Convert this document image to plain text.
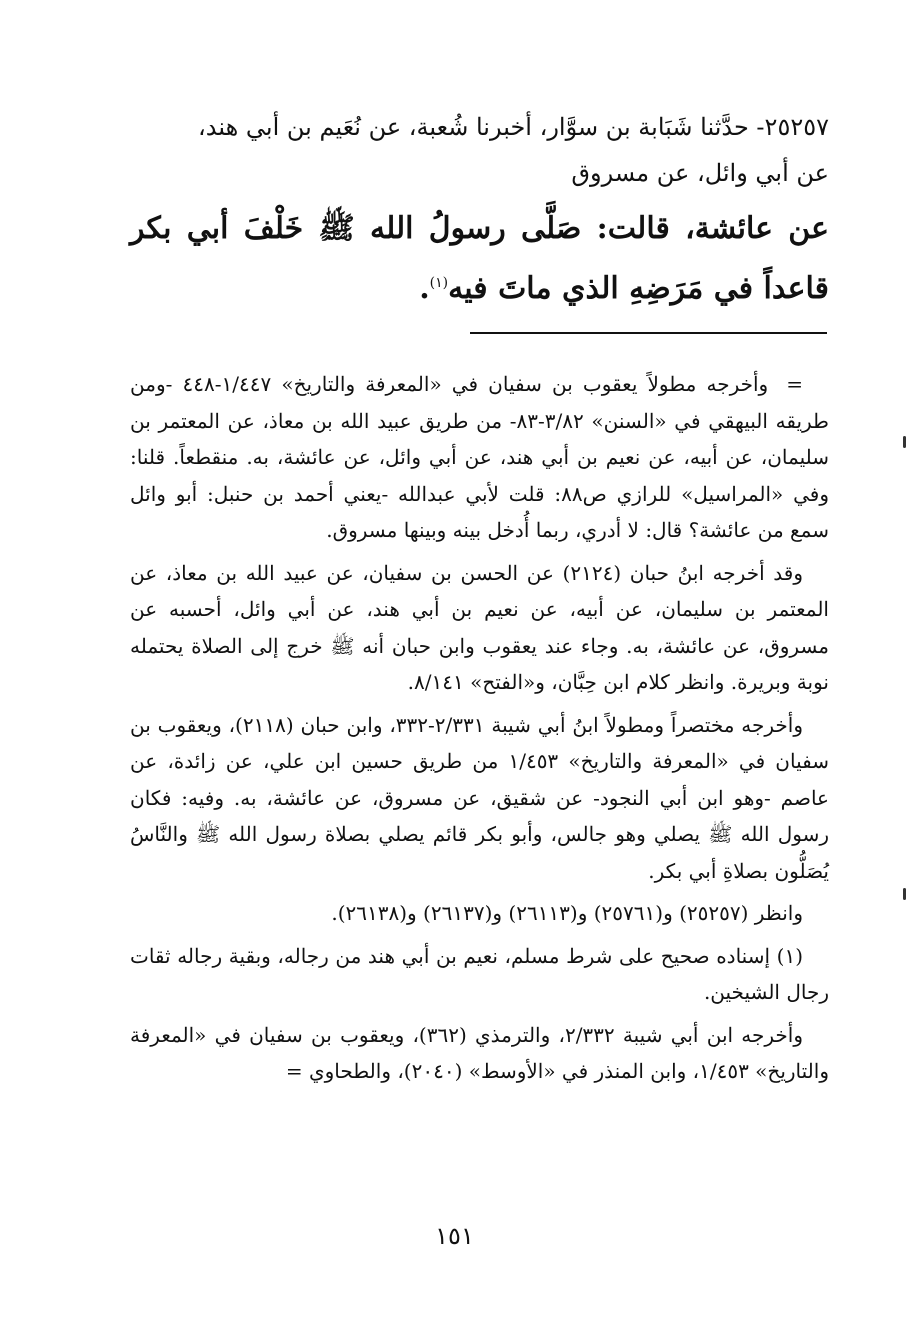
٢٥٢٥٧- حدَّثنا شَبَابة بن سوَّار، أخبرنا شُعبة، عن نُعَيم بن أبي هند،

عن أبي وائل، عن مسروق

عن عائشة، قالت: صَلَّى رسولُ الله ﷺ خَلْفَ أبي بكر قاعداً في مَرَضِهِ الذي ماتَ فيه$^{(١)}$.

=وأخرجه مطولاً يعقوب بن سفيان في «المعرفة والتاريخ» ١/٤٤٧-٤٤٨ -ومن طريقه البيهقي في «السنن» ٣/٨٢-٨٣- من طريق عبيد الله بن معاذ، عن المعتمر بن سليمان، عن أبيه، عن نعيم بن أبي هند، عن أبي وائل، عن عائشة، به. منقطعاً. قلنا: وفي «المراسيل» للرازي ص٨٨: قلت لأبي عبدالله -يعني أحمد بن حنبل: أبو وائل سمع من عائشة؟ قال: لا أدري، ربما أُدخل بينه وبينها مسروق.

وقد أخرجه ابنُ حبان (٢١٢٤) عن الحسن بن سفيان، عن عبيد الله بن معاذ، عن المعتمر بن سليمان، عن أبيه، عن نعيم بن أبي هند، عن أبي وائل، أحسبه عن مسروق، عن عائشة، به. وجاء عند يعقوب وابن حبان أنه ﷺ خرج إلى الصلاة يحتمله نوبة وبريرة. وانظر كلام ابن حِبَّان، و«الفتح» ٨/١٤١.

وأخرجه مختصراً ومطولاً ابنُ أبي شيبة ٢/٣٣١-٣٣٢، وابن حبان (٢١١٨)، ويعقوب بن سفيان في «المعرفة والتاريخ» ١/٤٥٣ من طريق حسين ابن علي، عن زائدة، عن عاصم -وهو ابن أبي النجود- عن شقيق، عن مسروق، عن عائشة، به. وفيه: فكان رسول الله ﷺ يصلي وهو جالس، وأبو بكر قائم يصلي بصلاة رسول الله ﷺ والنَّاسُ يُصَلُّون بصلاةِ أبي بكر.

وانظر (٢٥٢٥٧) و(٢٥٧٦١) و(٢٦١١٣) و(٢٦١٣٧) و(٢٦١٣٨).

(١) إسناده صحيح على شرط مسلم، نعيم بن أبي هند من رجاله، وبقية رجاله ثقات رجال الشيخين.

وأخرجه ابن أبي شيبة ٢/٣٣٢، والترمذي (٣٦٢)، ويعقوب بن سفيان في «المعرفة والتاريخ» ١/٤٥٣، وابن المنذر في «الأوسط» (٢٠٤٠)، والطحاوي =

١٥١
